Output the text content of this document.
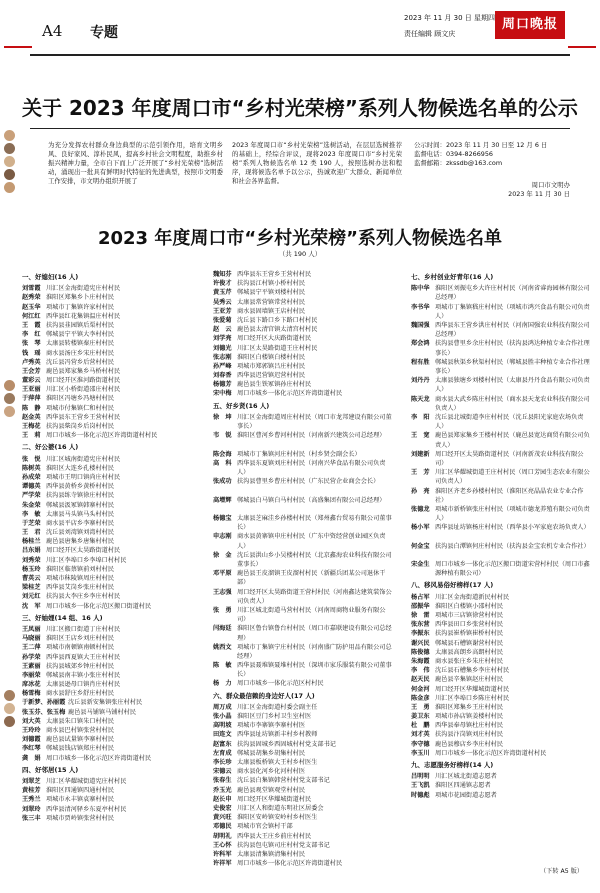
A4 专题
2023 年 11 月 30 日 星期四
责任编辑 顾文庆
周口晚报
关于 2023 年度周口市“乡村光荣榜”系列人物候选名单的公示
为充分发挥农村群众身边典型的示范引领作用，培育文明乡风、良好家风、淳朴民风，提高乡村社会文明程度，助推乡村振兴精神力量，全市自下而上广泛开展了“乡村光荣榜”选树活动，涌现出一批具有鲜明时代特征的先进典型，按照市文明委工作安排，市文明办组织开展了
2023 年度周口市“乡村光荣榜”选树活动，在层层选树推荐的基础上，经综合评议，现将2023 年度周口市“乡村光荣榜”系列人物候选名单 12 类 190 人，按照选树办法和程序，现将候选名单予以公示，热诚欢迎广大群众、新闻单位和社会各界监督。
公示时间：2023 年 11 月 30 日至 12 月 6 日
监督电话：0394-8266956
监督邮箱：zkssdb@163.com
周口市文明办
2023 年 11 月 30 日
2023 年度周口市“乡村光荣榜”系列人物候选名单
（共 190 人）
一、好媳妇(16 人)
刘雪霞 川汇区金海街道宪庄村村民
赵秀荣 淮阳区郑集乡卜庄村村民
赵玉华 项城市丁集镇许家村村民
何江红 西华县红花集镇温庄村村民
王　霞 扶沟县韭园镇后栗村村民
李　红 郸城县宁平镇大李村村民
张　琴 太康县转楼镇秦庄村村民
钱　瑶 商水县汤庄乡宋庄村村民
卢秀英 沈丘县冯营乡后营村村民
王会芳 鹿邑县郑家集乡马桥村村民
董彩云 周口经开区淮河路街道村民
王亚丽 川汇区小桥街道邵庄村村民
于萍萍 淮阳区冯塘乡冯塘村村民
陈　静 项城市付集镇仁和村村民
赵金英 西华县东王营乡王营村村民
王梅花 扶沟县柴岗乡后岗村村民
王　莉 周口市城乡一体化示范区许湾街道村村民
二、好公婆(16 人)
张　悦 川汇区城南街道宪庄村村民
陈树英 淮阳区大连乡孔楼村村民
孙成荣 项城市王明口镇尚庄村村民
谭德英 西华县黄桥乡黄桥村村民
严学荣 扶沟县练寺镇徐庄村村民
朱金荣 郸城县汲冢镇韩寨村村民
李　敏 太康县马头镇马头村村民
于芝荣 商水县平店乡李寨村村民
王　君 沈丘县刘湾镇刘湾村村民
杨桂兰 鹿邑县唐集乡唐集村村民
吕东娟 周口经开区太昊路街道村民
刘秀荣 川汇区李埠口乡李埠口村村民
杨玉玲 淮阳区临蔡镇前刘村村民
曹英云 项城市秣陵镇周庄村村民
梁桂芝 西华县艾岗乡张庄村村民
刘元红 扶沟县大李庄乡李庄村村民
沈　军 周口市城乡一体化示范区搬口街道村民
三、好妯娌(14 组、16 人)
王凤丽 川汇区搬口街道丁庄村村民
马晓丽 淮阳区王店乡刘庄村村民
王二萍 项城市南顿镇南顿村村民
孙学荣 西华县西夏镇大王庄村村民
王素丽 扶沟县城郊乡钟庄村村民
李丽荣 郸城县南丰镇小张庄村村民
席冰花 太康县逊母口镇肖庄村村民
杨雪梅 商水县舒庄乡舒庄村村民
于新梦、孙丽霞 沈丘县新安集镇张庄村村民
张玉芬、张玉梅 鹿邑县马铺镇马铺村村民
刘大英 太康县朱口镇朱口村村民
王玲玲 商水县巴村镇张营村村民
刘德霞 鹿邑县试量镇李寨村村民
李红琴 郸城县钱店镇郑庄村村民
龚　娟 周口市城乡一体化示范区许湾街道村民
四、好邻居(15 人)
刘翠芝 川汇区华耀城街道宪庄村村民
黄桂芳 淮阳区四通镇四通村村民
王秀兰 项城市永丰镇袁寨村村民
刘翠玲 西华县清河驿乡东夏亭村村民
张三丰 项城市贾岭镇张营村村民
魏知芬 西华县东王营乡王营村村民
许俊才 扶沟县江村镇小桥村村民
黄玉芹 郸城县宁平镇刘楼村村民
吴秀云 太康县常营镇常营村村民
王亚芳 商水县固墙镇王店村村民
张爱菊 沈丘县卞路口乡卞路口村村民
赵　云 鹿邑县太清宫镇太清宫村村民
刘学亮 周口经开区大庆路街道村民
刘德光 川汇区太昊路街道王庄村村民
张志刚 淮阳区白楼镇白楼村村民
孙严峰 项城市郑郭镇吕庄村村民
刘春香 西华县迟营镇迟营村村民
杨德芳 鹿邑县生铁冢镇孙庄村村民
宋中梅 周口市城乡一体化示范区许湾街道村民
五、好乡贤(16 人)
徐　坤 川汇区金海街道周庄村村民（周口市龙邦建设有限公司董事长）
韦　锐 淮阳区曹河乡曹河村村民（河南新兴建筑公司总经理）
陈会海 项城市丁集镇河庄村村民（村乡贤会副会长）
高　科 西华县东夏镇刘庄村村民（河南兴华食品有限公司负责人）
张成功 扶沟县曹里乡曹庄村村民（广东民营企业商会会长）
高增辉 郸城县白马镇白马村村民（高盛集团有限公司总经理）
杨德宝 太康县芝麻洼乡孙楼村村民（郑州鑫台贸易有限公司董事长）
申志刚 商水县黄寨镇申庄村村民（广东中资经营创业园区负责人）
徐　金 沈丘县洪山乡小吴楼村村民（北京鑫海农业科技有限公司董事长）
邓平原 鹿邑县王皮溜镇王皮溜村村民（新疆兵团某公司退休干部）
王志强 周口经开区太昊路街道王营村村民（河南鑫达建筑装饰公司负责人）
张　勇 川汇区城北街道马营村村民（河南周商物业服务有限公司）
闫海廷 淮阳区鲁台镇鲁台村村民（周口市嘉联建设有限公司总经理）
姚西文 项城市丁集镇宁庄村村民（河南盛广防护用品有限公司总经理）
陈　敏 西华县聂堆镇聂堆村村民（深圳市家乐服装有限公司董事长）
杨　力 周口市城乡一体化示范区村村民
六、群众最信赖的身边好人(17 人)
周万成 川汇区金海街道村委会副主任
张小晶 淮阳区豆门乡村卫生室村医
高明坡 项城市李寨镇李寨村村医
田连文 西华县址坊镇新丰村乡村教师
赵富东 扶沟县固城乡西固城村村党支部书记
左育成 郸城县胡集乡胡集村村民
李长珍 太康县板桥镇大王村乡村医生
宋德云 商水县化河乡化河村村医
张春生 沈丘县白集镇韩营村村党支部书记
乔玉光 鹿邑县观堂镇观堂村村民
赵长申 周口经开区华耀城街道村民
史俊宏 川汇区人和街道东明社区居委会
黄兴旺 淮阳区安岭镇安岭村乡村医生
邓德民 项城市官会镇村干部
胡明礼 西华县大王庄乡前庄村村民
王心怀 扶沟县包屯镇司庄村村党支部书记
许科军 太康县清集镇清集村村民
许祥军 周口市城乡一体化示范区许湾街道村民
七、乡村创业好青年(16 人)
陈中华 淮阳区刘振屯乡大许庄村村民（河南省睿海园林有限公司总经理）
李书华 项城市丁集镇嵇庄村村民（项城市鸿兴食品有限公司负责人）
魏国强 西华县东王营乡洪庄村村民（河南国强农业科技有限公司总经理）
郑会鸿 扶沟县曹里乡余庄村村民（扶沟县鸿达种植专业合作社理事长）
程有胜 郸城县秋渠乡秋渠村村民（郸城县胜丰种植专业合作社理事长）
刘丹丹 太康县独塘乡刘楼村村民（太康县丹丹食品有限公司负责人）
陈天龙 商水县大武乡陈庄村村民（商水县天龙农业科技有限公司负责人）
李　阳 沈丘县北城街道李庄村村民（沈丘县阳光家庭农场负责人）
王　宽 鹿邑县郑家集乡王楼村村民（鹿邑县宽达商贸有限公司负责人）
刘建新 周口经开区太昊路街道村民（河南新茂农业科技有限公司）
王　芳 川汇区华耀城街道王庄村村民（周口芳园生态农业有限公司负责人）
孙　亮 淮阳区齐老乡孙楼村村民（淮阳区亮晶晶农业专业合作社）
张德龙 项城市新桥镇张庄村村民（项城市德龙养殖有限公司负责人）
杨小军 西华县址坊镇杨庄村村民（西华县小军家庭农场负责人）
何金宝 扶沟县白潭镇何庄村村民（扶沟县金宝农机专业合作社）
宋金生 周口市城乡一体化示范区搬口街道宋营村村民（周口市鑫源种植有限公司）
八、移风易俗好榜样(17 人)
杨占军 川汇区金海街道新民村村民
邵振华 淮阳区白楼镇小邵村村民
徐　雷 项城市三店镇徐营村村民
张东营 西华县田口乡张营村村民
李振东 扶沟县崔桥镇崔桥村村民
谢兴民 郸城县石槽镇谢营村村民
陈俊德 太康县高朗乡高朗村村民
朱海霞 商水县张庄乡朱庄村村民
李　伟 沈丘县石槽集乡李庄村村民
赵天民 鹿邑县辛集镇赵庄村村民
何金河 周口经开区华耀城街道村民
陈金彦 川汇区李埠口乡陈庄村村民
王　勇 淮阳区郑集乡王庄村村民
姜卫东 项城市孙店镇姜楼村村民
杜　鹏 西华县奉母镇杜庄村村民
刘才英 扶沟县汴岗镇刘庄村村民
李守德 鹿邑县穆店乡李庄村村民
李玉川 周口市城乡一体化示范区许湾街道村村民
九、志愿服务好榜样(14 人)
吕明明 川汇区城北街道志愿者
王飞凯 淮阳区四通镇志愿者
时德彪 项城市花园街道志愿者
（下转 A5 版）
